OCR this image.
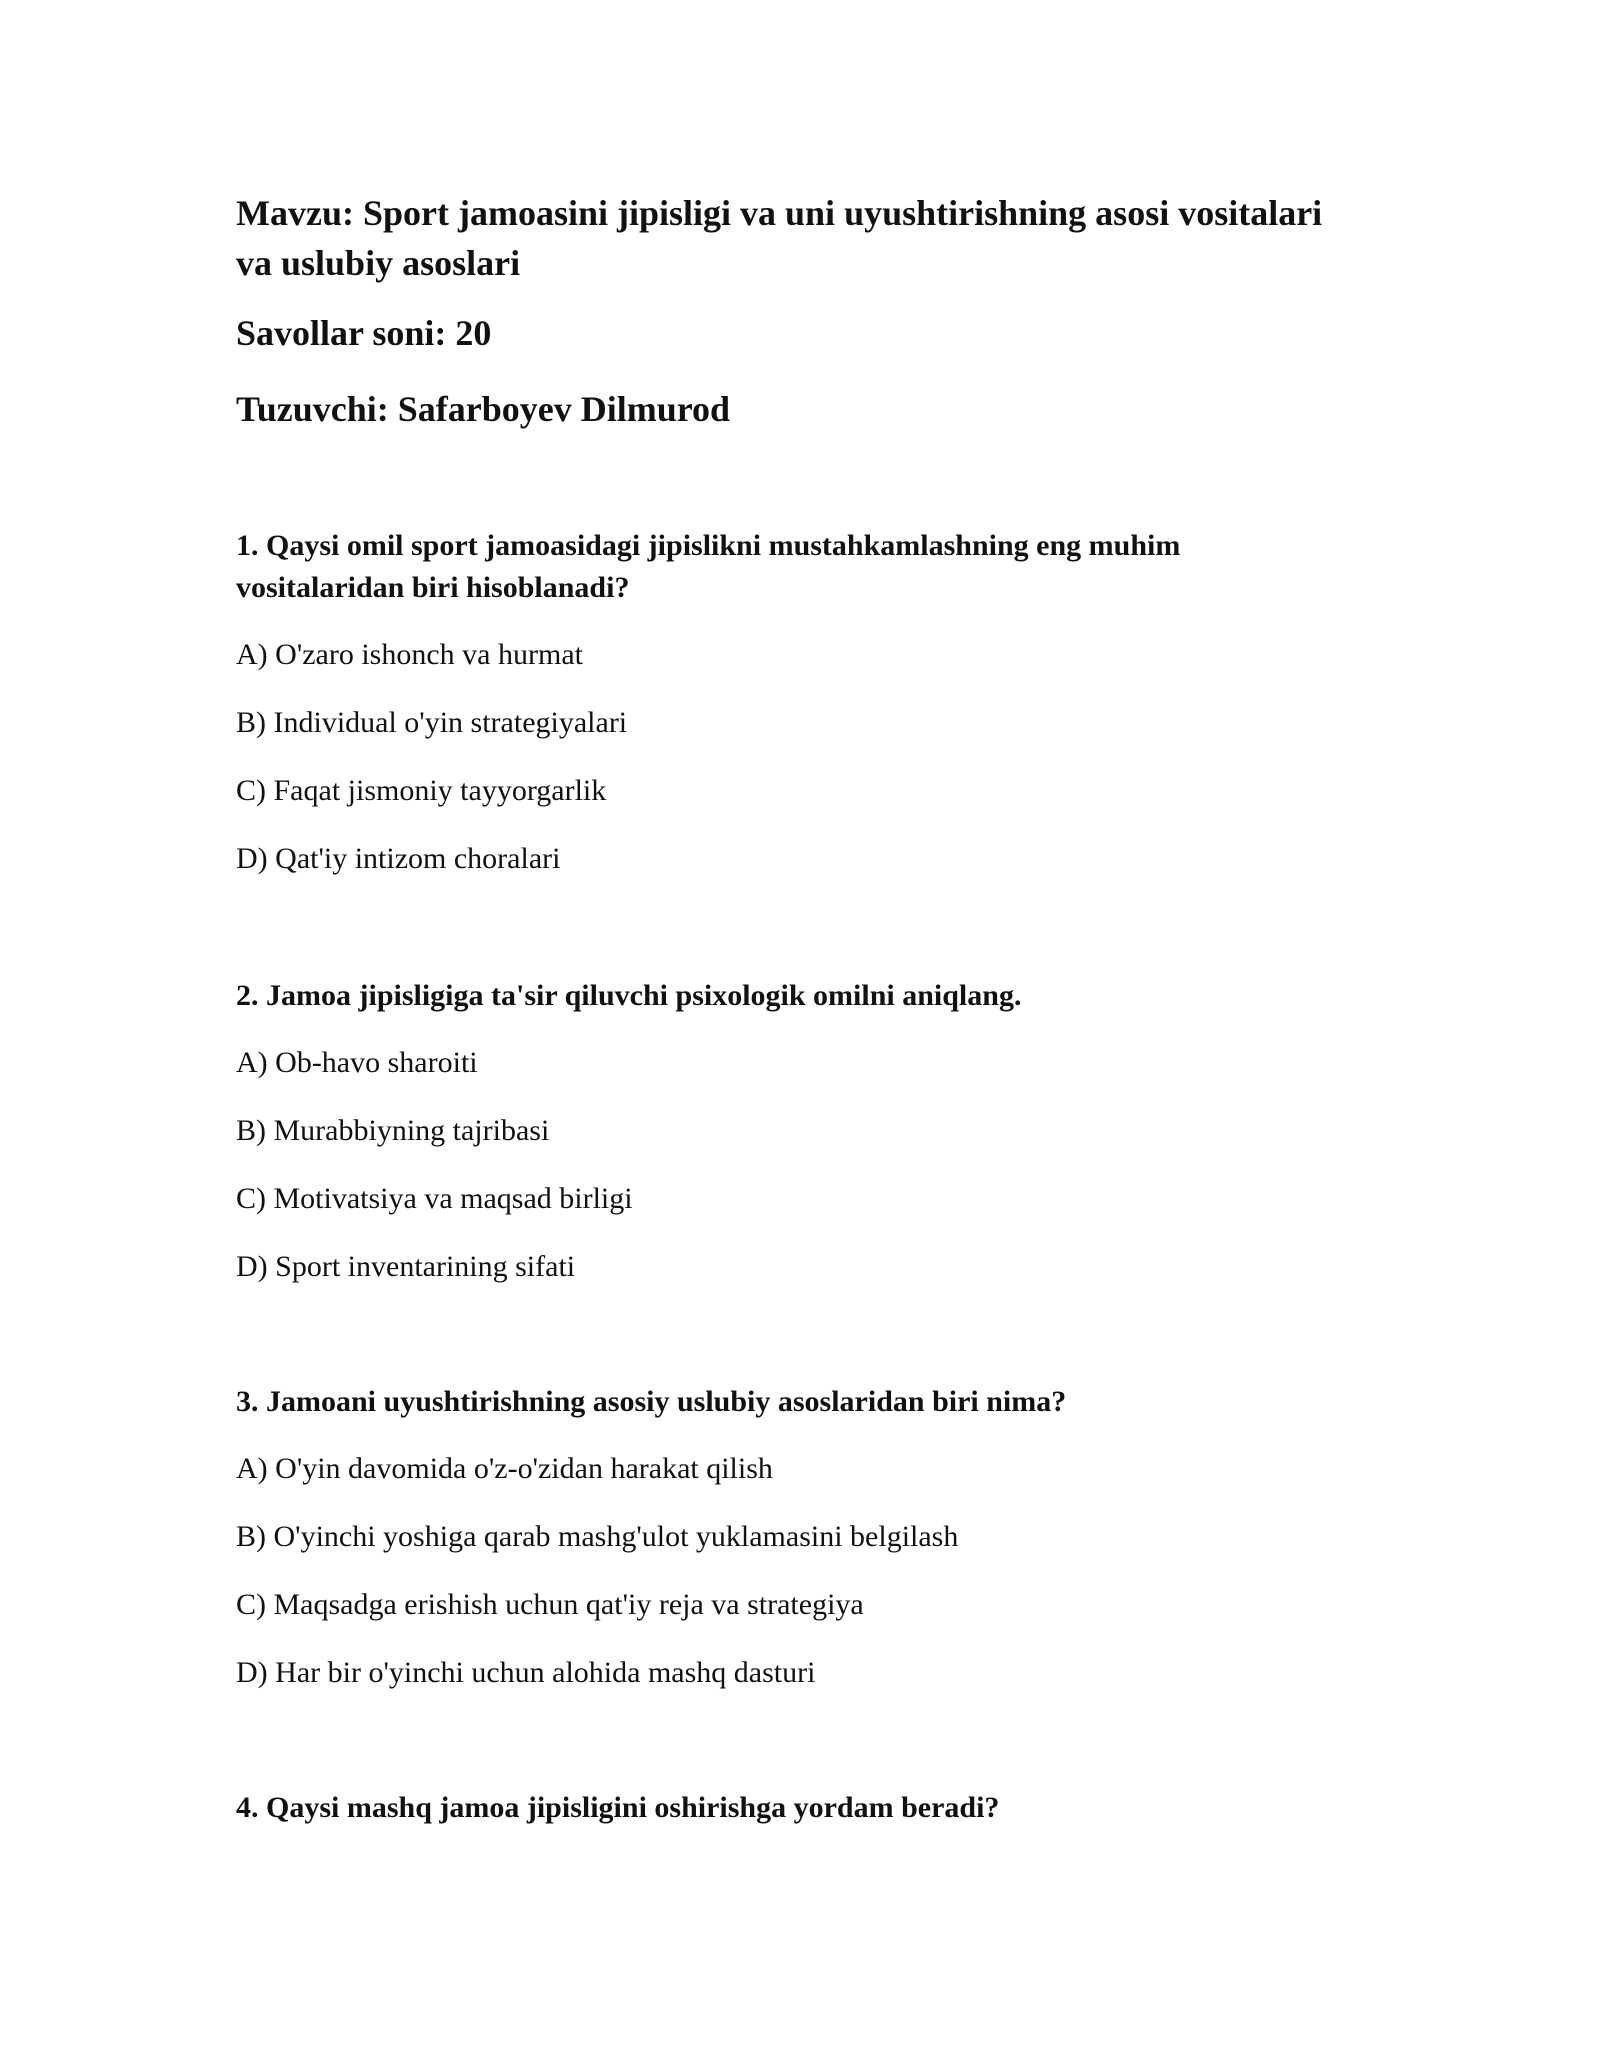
Mavzu: Sport jamoasini jipisligi va uni uyushtirishning asosi vositalari va uslubiy asoslari
Savollar soni: 20
Tuzuvchi: Safarboyev Dilmurod
1. Qaysi omil sport jamoasidagi jipislikni mustahkamlashning eng muhim vositalaridan biri hisoblanadi?
A) O'zaro ishonch va hurmat
B) Individual o'yin strategiyalari
C) Faqat jismoniy tayyorgarlik
D) Qat'iy intizom choralari
2. Jamoa jipisligiga ta'sir qiluvchi psixologik omilni aniqlang.
A) Ob-havo sharoiti
B) Murabbiyning tajribasi
C) Motivatsiya va maqsad birligi
D) Sport inventarining sifati
3. Jamoani uyushtirishning asosiy uslubiy asoslaridan biri nima?
A) O'yin davomida o'z-o'zidan harakat qilish
B) O'yinchi yoshiga qarab mashg'ulot yuklamasini belgilash
C) Maqsadga erishish uchun qat'iy reja va strategiya
D) Har bir o'yinchi uchun alohida mashq dasturi
4. Qaysi mashq jamoa jipisligini oshirishga yordam beradi?
